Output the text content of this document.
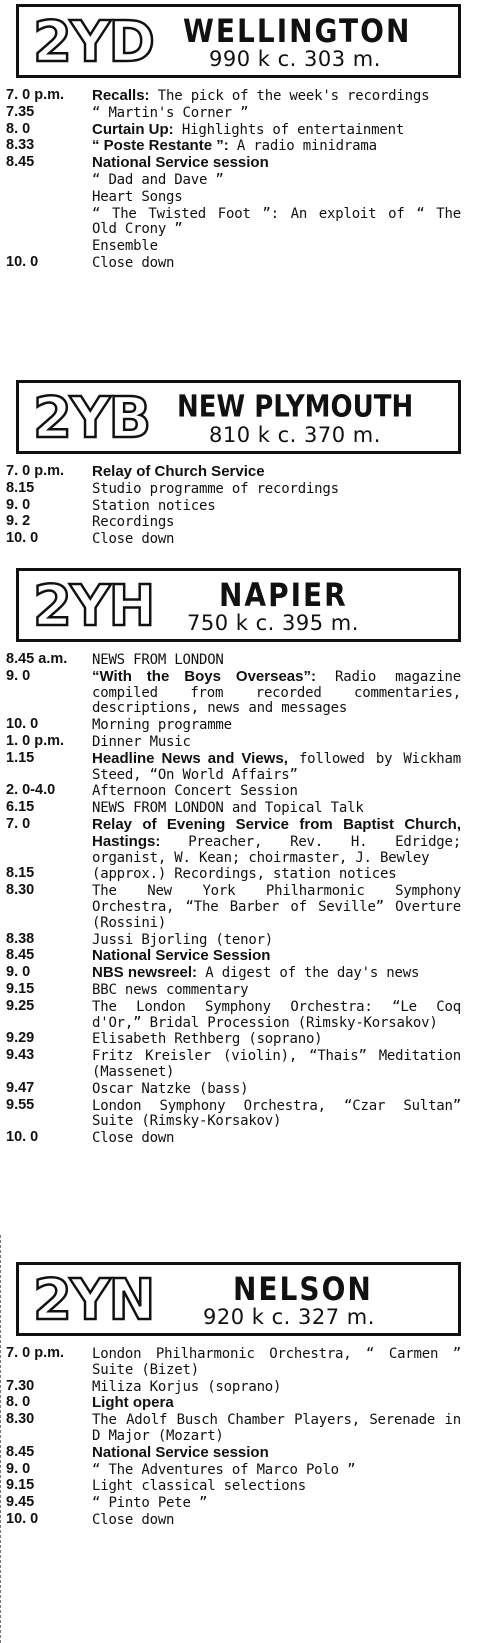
2YD WELLINGTON
990 k c. 303 m.
7. 0 p.m.	Recalls: The pick of the week's recordings
7.35	“ Martin's Corner ”
8. 0	Curtain Up: Highlights of entertainment
8.33	“ Poste Restante ”: A radio minidrama
8.45	National Service session
“ Dad and Dave ”
Heart Songs
“ The Twisted Foot ”: An exploit of “ The Old Crony ”
Ensemble
10. 0	Close down
2YB NEW PLYMOUTH
810 k c. 370 m.
7. 0 p.m.	Relay of Church Service
8.15	Studio programme of recordings
9. 0	Station notices
9. 2	Recordings
10. 0	Close down
2YH NAPIER
750 k c. 395 m.
8.45 a.m.	NEWS FROM LONDON
9. 0	“With the Boys Overseas”: Radio magazine compiled from recorded commentaries, descriptions, news and messages
10. 0	Morning programme
1. 0 p.m.	Dinner Music
1.15	Headline News and Views, followed by Wickham Steed, “On World Affairs”
2. 0-4.0	Afternoon Concert Session
6.15	NEWS FROM LONDON and Topical Talk
7. 0	Relay of Evening Service from Baptist Church, Hastings: Preacher, Rev. H. Edridge; organist, W. Kean; choirmaster, J. Bewley
8.15	(approx.) Recordings, station notices
8.30	The New York Philharmonic Symphony Orchestra, “The Barber of Seville” Overture (Rossini)
8.38	Jussi Bjorling (tenor)
8.45	National Service Session
9. 0	NBS newsreel: A digest of the day's news
9.15	BBC news commentary
9.25	The London Symphony Orchestra: “Le Coq d'Or,” Bridal Procession (Rimsky-Korsakov)
9.29	Elisabeth Rethberg (soprano)
9.43	Fritz Kreisler (violin), “Thais” Meditation (Massenet)
9.47	Oscar Natzke (bass)
9.55	London Symphony Orchestra, “Czar Sultan” Suite (Rimsky-Korsakov)
10. 0	Close down
2YN	NELSON
920 k c. 327 m.
7. 0 p.m.	London Philharmonic Orchestra, “ Carmen ” Suite (Bizet)
7.30	Miliza Korjus (soprano)
8. 0	Light opera
8.30	The Adolf Busch Chamber Players, Serenade in D Major (Mozart)
8.45	National Service session
9. 0	“ The Adventures of Marco Polo ”
9.15	Light classical selections
9.45	“ Pinto Pete ”
10. 0	Close down
